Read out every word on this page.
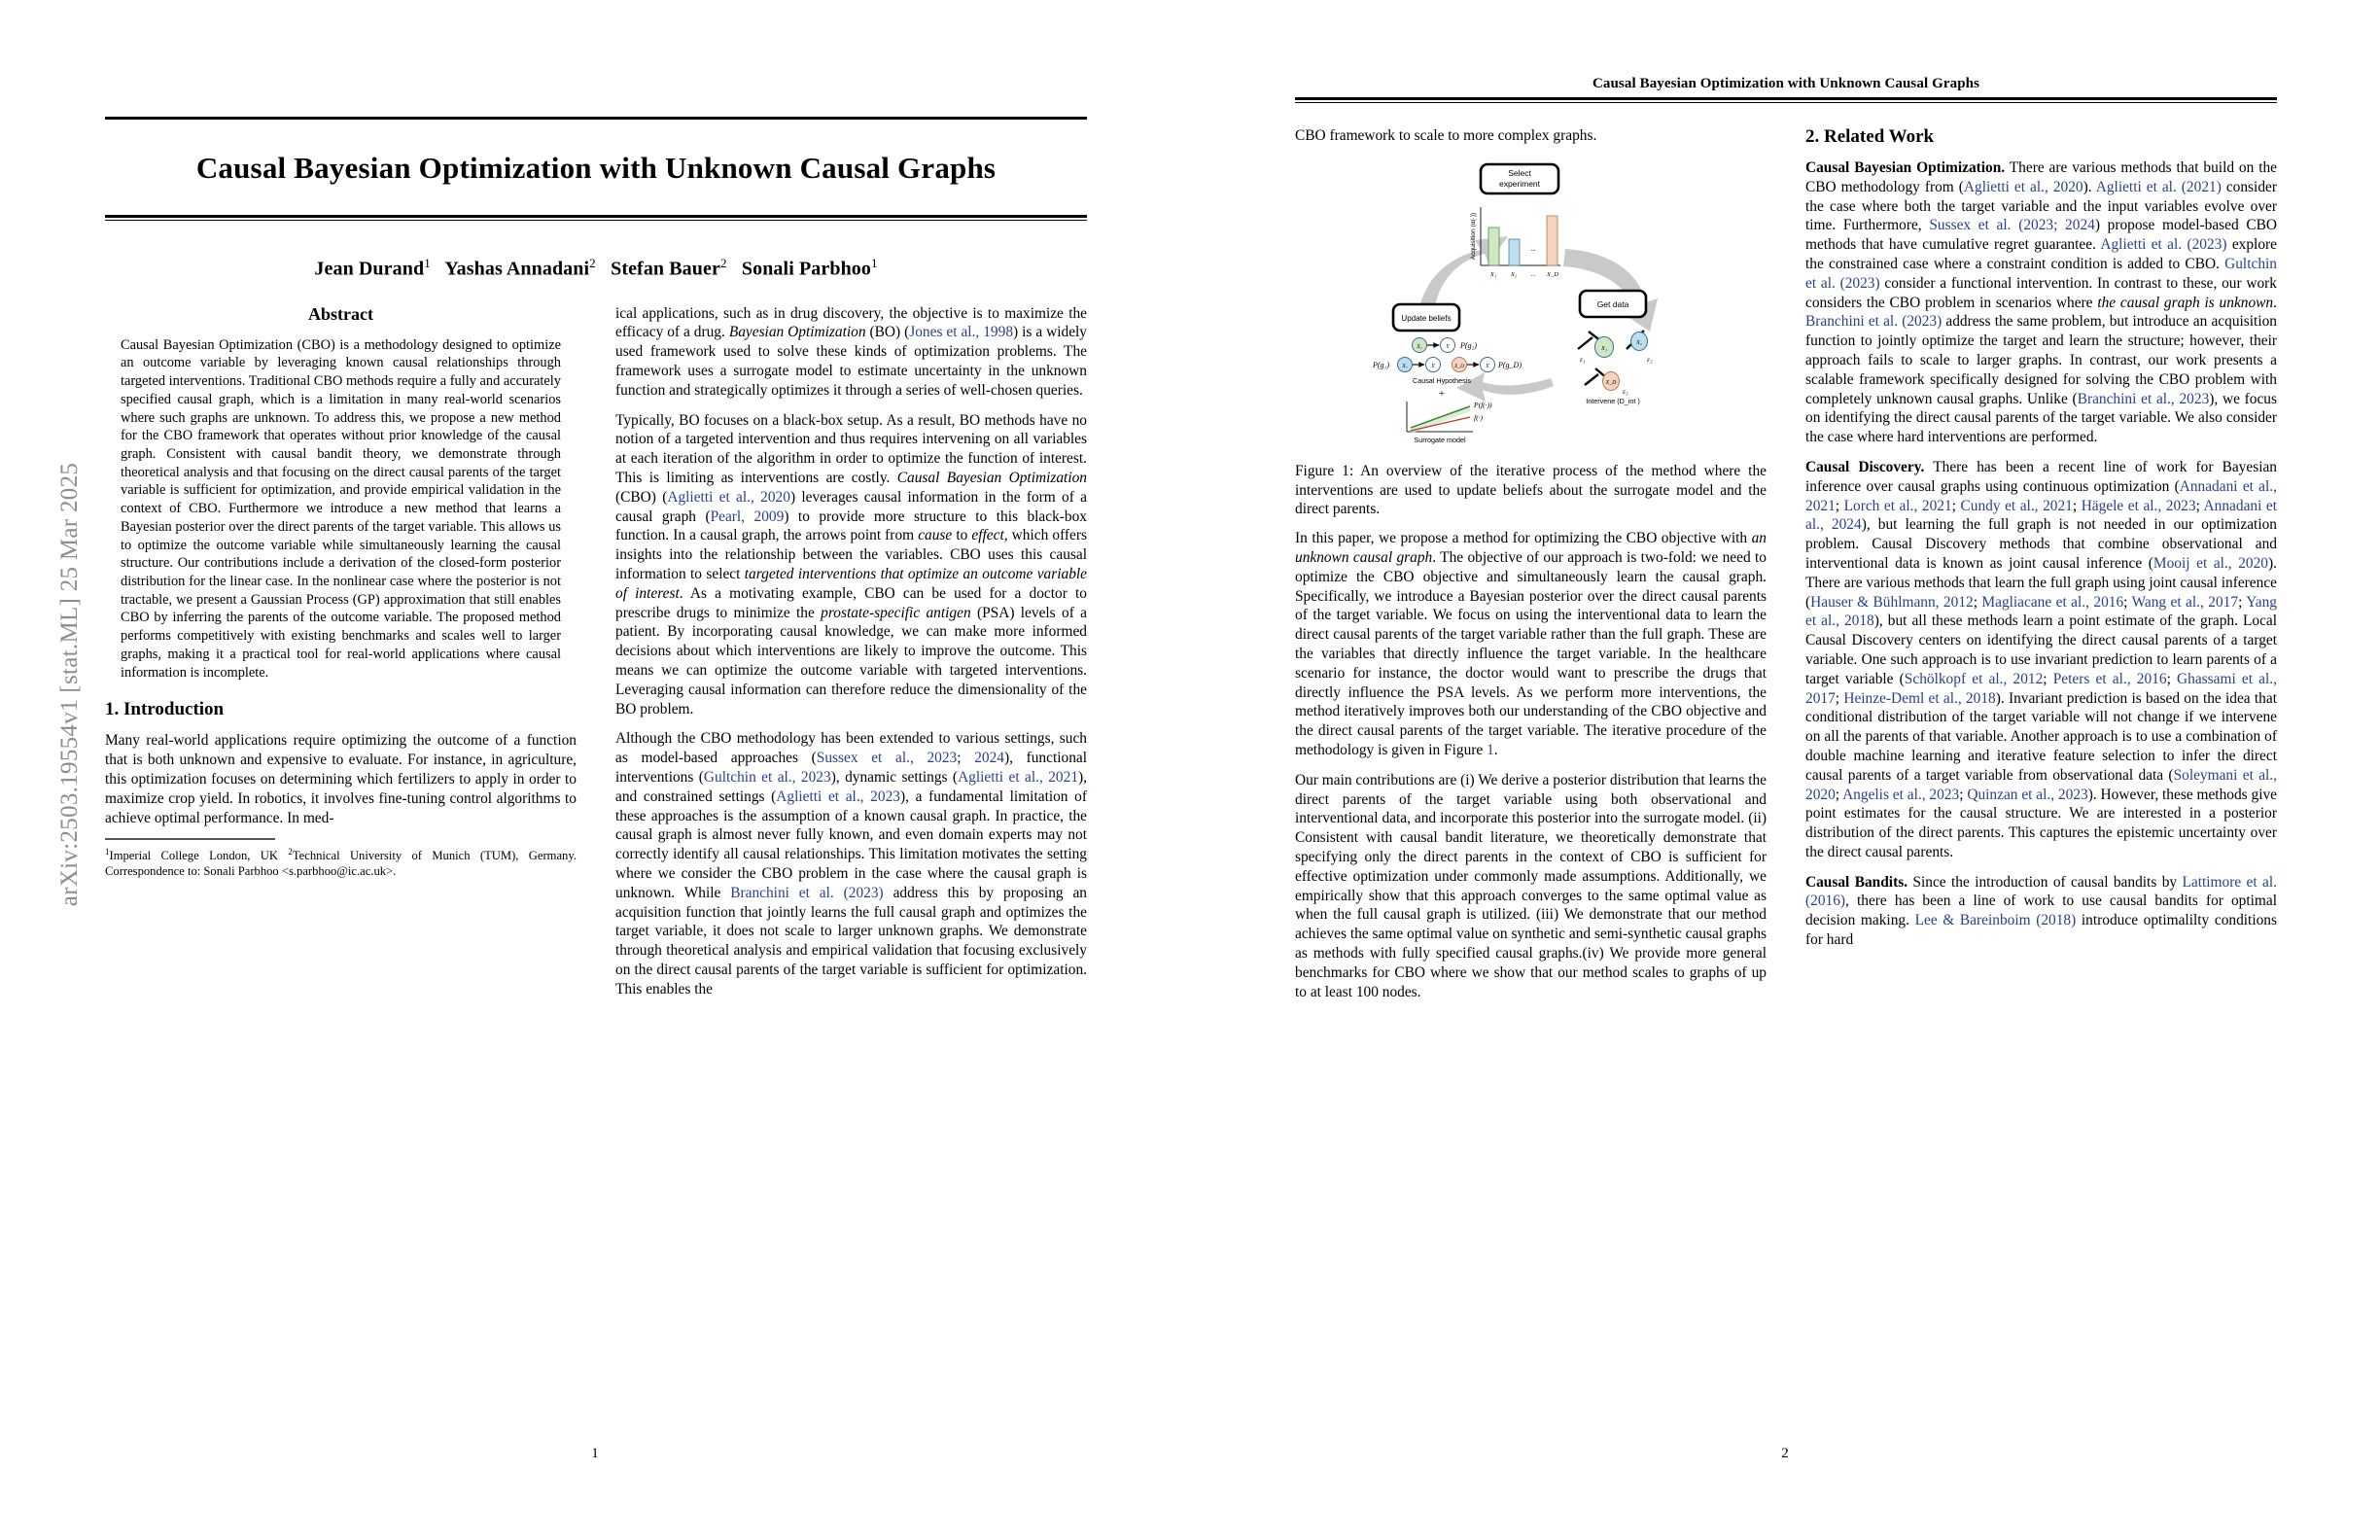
arXiv:2503.19554v1 [stat.ML] 25 Mar 2025
Causal Bayesian Optimization with Unknown Causal Graphs

Jean Durand$^1$ Yashas Annadani$^2$ Stefan Bauer$^2$ Sonali Parbhoo$^1$

Abstract
Causal Bayesian Optimization (CBO) is a methodology designed to optimize an outcome variable by leveraging known causal relationships through targeted interventions. Traditional CBO methods require a fully and accurately specified causal graph, which is a limitation in many real-world scenarios where such graphs are unknown. To address this, we propose a new method for the CBO framework that operates without prior knowledge of the causal graph. Consistent with causal bandit theory, we demonstrate through theoretical analysis and that focusing on the direct causal parents of the target variable is sufficient for optimization, and provide empirical validation in the context of CBO. Furthermore we introduce a new method that learns a Bayesian posterior over the direct parents of the target variable. This allows us to optimize the outcome variable while simultaneously learning the causal structure. Our contributions include a derivation of the closed-form posterior distribution for the linear case. In the nonlinear case where the posterior is not tractable, we present a Gaussian Process (GP) approximation that still enables CBO by inferring the parents of the outcome variable. The proposed method performs competitively with existing benchmarks and scales well to larger graphs, making it a practical tool for real-world applications where causal information is incomplete.
1. Introduction
Many real-world applications require optimizing the outcome of a function that is both unknown and expensive to evaluate. For instance, in agriculture, this optimization focuses on determining which fertilizers to apply in order to maximize crop yield. In robotics, it involves fine-tuning control algorithms to achieve optimal performance. In med-
$^1$Imperial College London, UK $^2$Technical University of Munich (TUM), Germany. Correspondence to: Sonali Parbhoo <s.parbhoo@ic.ac.uk>.
ical applications, such as in drug discovery, the objective is to maximize the efficacy of a drug. Bayesian Optimization (BO) (Jones et al., 1998) is a widely used framework used to solve these kinds of optimization problems. The framework uses a surrogate model to estimate uncertainty in the unknown function and strategically optimizes it through a series of well-chosen queries.
Typically, BO focuses on a black-box setup. As a result, BO methods have no notion of a targeted intervention and thus requires intervening on all variables at each iteration of the algorithm in order to optimize the function of interest. This is limiting as interventions are costly. Causal Bayesian Optimization (CBO) (Aglietti et al., 2020) leverages causal information in the form of a causal graph (Pearl, 2009) to provide more structure to this black-box function. In a causal graph, the arrows point from cause to effect, which offers insights into the relationship between the variables. CBO uses this causal information to select targeted interventions that optimize an outcome variable of interest. As a motivating example, CBO can be used for a doctor to prescribe drugs to minimize the prostate-specific antigen (PSA) levels of a patient. By incorporating causal knowledge, we can make more informed decisions about which interventions are likely to improve the outcome. This means we can optimize the outcome variable with targeted interventions. Leveraging causal information can therefore reduce the dimensionality of the BO problem.
Although the CBO methodology has been extended to various settings, such as model-based approaches (Sussex et al., 2023; 2024), functional interventions (Gultchin et al., 2023), dynamic settings (Aglietti et al., 2021), and constrained settings (Aglietti et al., 2023), a fundamental limitation of these approaches is the assumption of a known causal graph. In practice, the causal graph is almost never fully known, and even domain experts may not correctly identify all causal relationships. This limitation motivates the setting where we consider the CBO problem in the case where the causal graph is unknown. While Branchini et al. (2023) address this by proposing an acquisition function that jointly learns the full causal graph and optimizes the target variable, it does not scale to larger unknown graphs. We demonstrate through theoretical analysis and empirical validation that focusing exclusively on the direct causal parents of the target variable is sufficient for optimization. This enables the
1
Causal Bayesian Optimization with Unknown Causal Graphs
CBO framework to scale to more complex graphs.
Select
experiment
...
X₁ X₂ ... X_D
Acquisition (α(·))
Get data
X₁
X₂
X_D
ε₁	ε₂
ε₃
Intervene (D_int )
Update beliefs
X₂	Y P(g₂)
P(g₁) X₁	Y	X_D	Y P(g_D)
Causal Hypothesis
+
P(f(·))
f(·)
Surrogate model
Figure 1: An overview of the iterative process of the method where the interventions are used to update beliefs about the surrogate model and the direct parents.
In this paper, we propose a method for optimizing the CBO objective with an unknown causal graph. The objective of our approach is two-fold: we need to optimize the CBO objective and simultaneously learn the causal graph. Specifically, we introduce a Bayesian posterior over the direct causal parents of the target variable. We focus on using the interventional data to learn the direct causal parents of the target variable rather than the full graph. These are the variables that directly influence the target variable. In the healthcare scenario for instance, the doctor would want to prescribe the drugs that directly influence the PSA levels. As we perform more interventions, the method iteratively improves both our understanding of the CBO objective and the direct causal parents of the target variable. The iterative procedure of the methodology is given in Figure 1.
Our main contributions are (i) We derive a posterior distribution that learns the direct parents of the target variable using both observational and interventional data, and incorporate this posterior into the surrogate model. (ii) Consistent with causal bandit literature, we theoretically demonstrate that specifying only the direct parents in the context of CBO is sufficient for effective optimization under commonly made assumptions. Additionally, we empirically show that this approach converges to the same optimal value as when the full causal graph is utilized. (iii) We demonstrate that our method achieves the same optimal value on synthetic and semi-synthetic causal graphs as methods with fully specified causal graphs.(iv) We provide more general benchmarks for CBO where we show that our method scales to graphs of up to at least 100 nodes.
2. Related Work
Causal Bayesian Optimization. There are various methods that build on the CBO methodology from (Aglietti et al., 2020). Aglietti et al. (2021) consider the case where both the target variable and the input variables evolve over time. Furthermore, Sussex et al. (2023; 2024) propose model-based CBO methods that have cumulative regret guarantee. Aglietti et al. (2023) explore the constrained case where a constraint condition is added to CBO. Gultchin et al. (2023) consider a functional intervention. In contrast to these, our work considers the CBO problem in scenarios where the causal graph is unknown. Branchini et al. (2023) address the same problem, but introduce an acquisition function to jointly optimize the target and learn the structure; however, their approach fails to scale to larger graphs. In contrast, our work presents a scalable framework specifically designed for solving the CBO problem with completely unknown causal graphs. Unlike (Branchini et al., 2023), we focus on identifying the direct causal parents of the target variable. We also consider the case where hard interventions are performed.
Causal Discovery. There has been a recent line of work for Bayesian inference over causal graphs using continuous optimization (Annadani et al., 2021; Lorch et al., 2021; Cundy et al., 2021; Hägele et al., 2023; Annadani et al., 2024), but learning the full graph is not needed in our optimization problem. Causal Discovery methods that combine observational and interventional data is known as joint causal inference (Mooij et al., 2020). There are various methods that learn the full graph using joint causal inference (Hauser & Bühlmann, 2012; Magliacane et al., 2016; Wang et al., 2017; Yang et al., 2018), but all these methods learn a point estimate of the graph. Local Causal Discovery centers on identifying the direct causal parents of a target variable. One such approach is to use invariant prediction to learn parents of a target variable (Schölkopf et al., 2012; Peters et al., 2016; Ghassami et al., 2017; Heinze-Deml et al., 2018). Invariant prediction is based on the idea that conditional distribution of the target variable will not change if we intervene on all the parents of that variable. Another approach is to use a combination of double machine learning and iterative feature selection to infer the direct causal parents of a target variable from observational data (Soleymani et al., 2020; Angelis et al., 2023; Quinzan et al., 2023). However, these methods give point estimates for the causal structure. We are interested in a posterior distribution of the direct parents. This captures the epistemic uncertainty over the direct causal parents.
Causal Bandits. Since the introduction of causal bandits by Lattimore et al. (2016), there has been a line of work to use causal bandits for optimal decision making. Lee & Bareinboim (2018) introduce optimalilty conditions for hard
2
